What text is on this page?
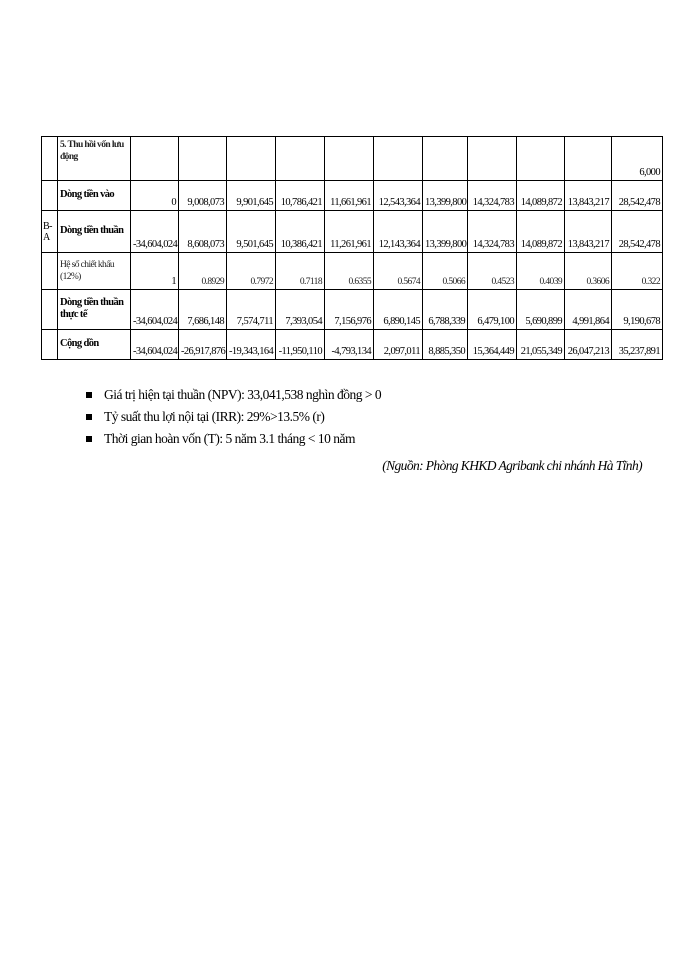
	5. Thu hồi vốn lưu động											6,000
	Dòng tiền vào	0	9,008,073	9,901,645	10,786,421	11,661,961	12,543,364	13,399,800	14,324,783	14,089,872	13,843,217	28,542,478
B-A	Dòng tiền thuần	-34,604,024	8,608,073	9,501,645	10,386,421	11,261,961	12,143,364	13,399,800	14,324,783	14,089,872	13,843,217	28,542,478
	Hệ số chiết khấu (12%)	1	0.8929	0.7972	0.7118	0.6355	0.5674	0.5066	0.4523	0.4039	0.3606	0.322
	Dòng tiền thuần thực tế	-34,604,024	7,686,148	7,574,711	7,393,054	7,156,976	6,890,145	6,788,339	6,479,100	5,690,899	4,991,864	9,190,678
	Cộng dồn	-34,604,024	-26,917,876	-19,343,164	-11,950,110	-4,793,134	2,097,011	8,885,350	15,364,449	21,055,349	26,047,213	35,237,891
Giá trị hiện tại thuần (NPV): 33,041,538 nghìn đồng > 0
Tỷ suất thu lợi nội tại (IRR): 29%>13.5% (r)
Thời gian hoàn vốn (T): 5 năm 3.1 tháng < 10 năm
(Nguồn: Phòng KHKD Agribank chi nhánh Hà Tĩnh)
